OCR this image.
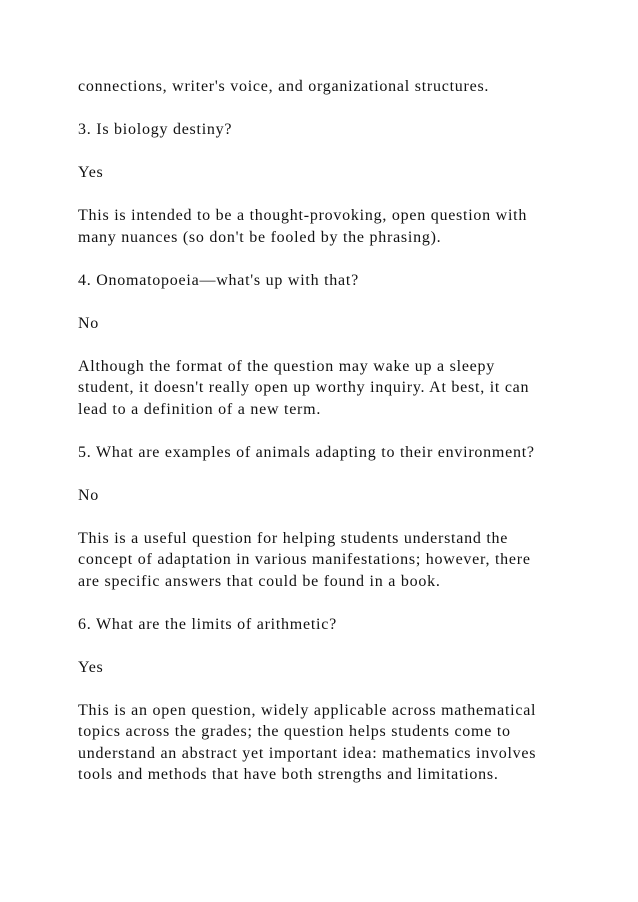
connections, writer's voice, and organizational structures.

3. Is biology destiny?

Yes

This is intended to be a thought-provoking, open question with
many nuances (so don't be fooled by the phrasing).

4. Onomatopoeia—what's up with that?

No

Although the format of the question may wake up a sleepy
student, it doesn't really open up worthy inquiry. At best, it can
lead to a definition of a new term.

5. What are examples of animals adapting to their environment?

No

This is a useful question for helping students understand the
concept of adaptation in various manifestations; however, there
are specific answers that could be found in a book.

6. What are the limits of arithmetic?

Yes

This is an open question, widely applicable across mathematical
topics across the grades; the question helps students come to
understand an abstract yet important idea: mathematics involves
tools and methods that have both strengths and limitations.
